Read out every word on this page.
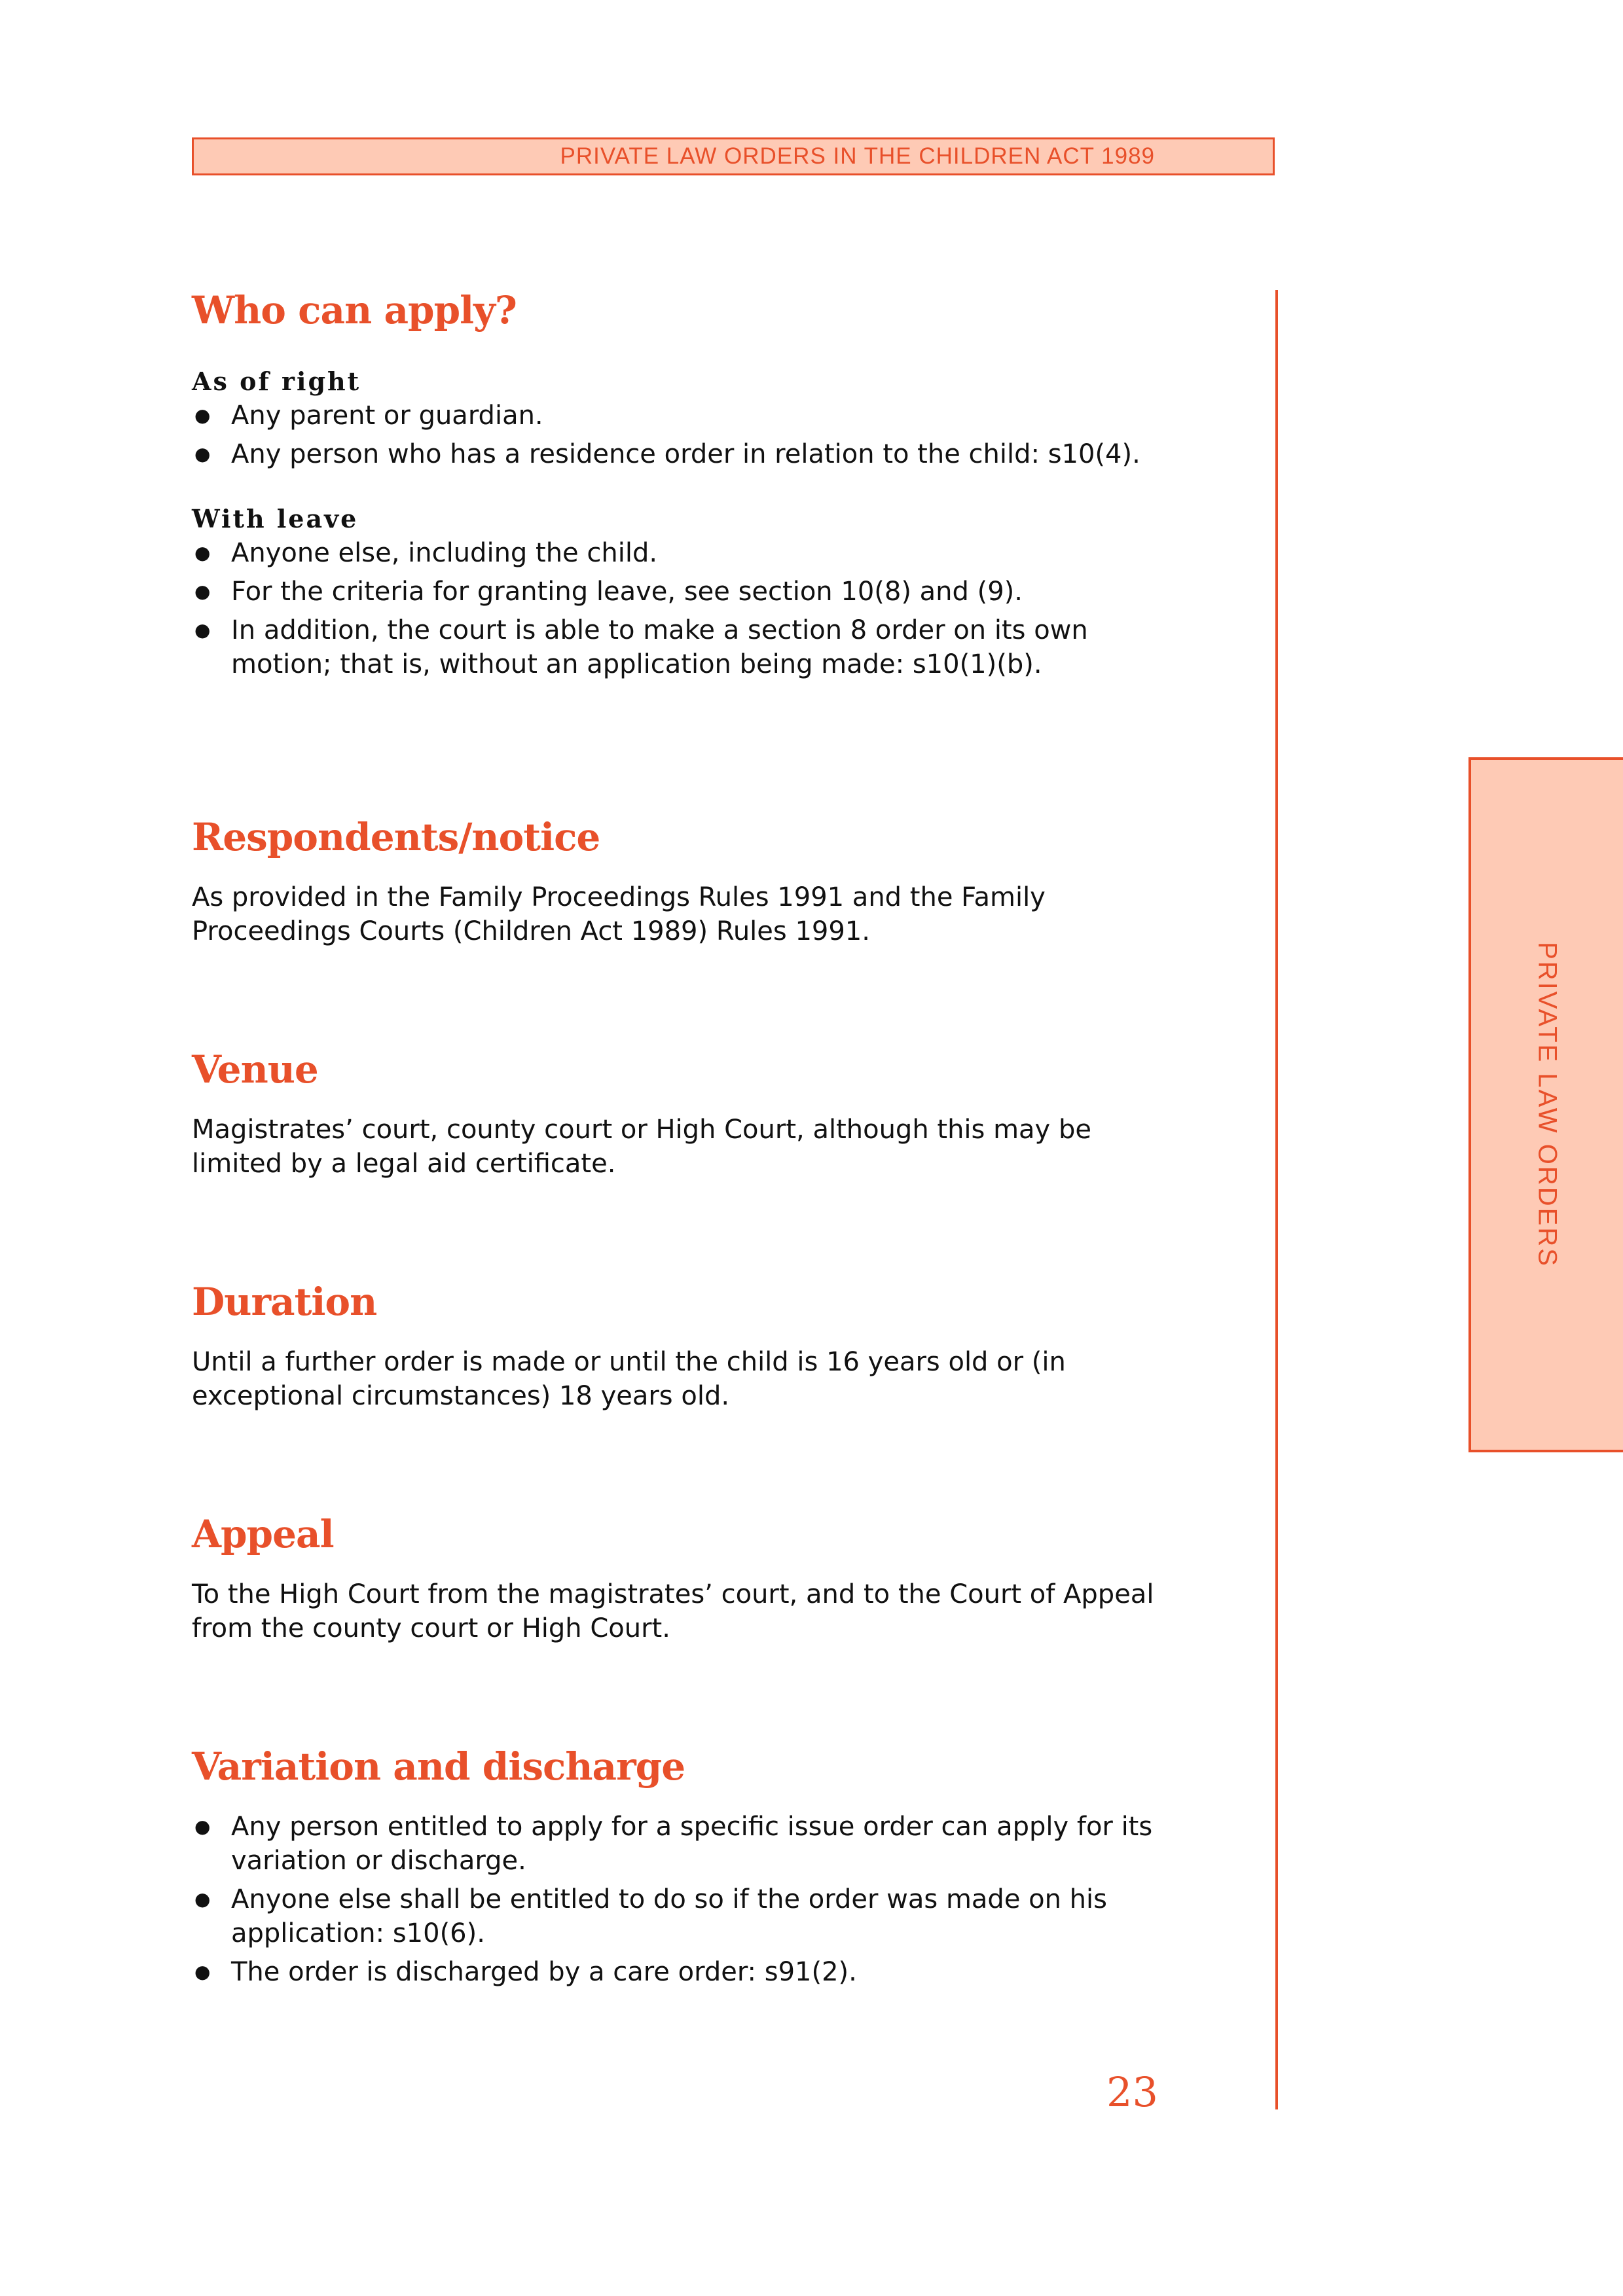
PRIVATE LAW ORDERS IN THE CHILDREN ACT 1989
PRIVATE LAW ORDERS
Who can apply?
As of right
● Any parent or guardian.
● Any person who has a residence order in relation to the child: s10(4).
With leave
● Anyone else, including the child.
● For the criteria for granting leave, see section 10(8) and (9).
● In addition, the court is able to make a section 8 order on its own motion; that is, without an application being made: s10(1)(b).
Respondents/notice

As provided in the Family Proceedings Rules 1991 and the Family Proceedings Courts (Children Act 1989) Rules 1991.

Venue

Magistrates’ court, county court or High Court, although this may be limited by a legal aid certificate.

Duration

Until a further order is made or until the child is 16 years old or (in exceptional circumstances) 18 years old.

Appeal

To the High Court from the magistrates’ court, and to the Court of Appeal from the county court or High Court.

Variation and discharge
● Any person entitled to apply for a specific issue order can apply for its variation or discharge.
● Anyone else shall be entitled to do so if the order was made on his application: s10(6).
● The order is discharged by a care order: s91(2).
23
